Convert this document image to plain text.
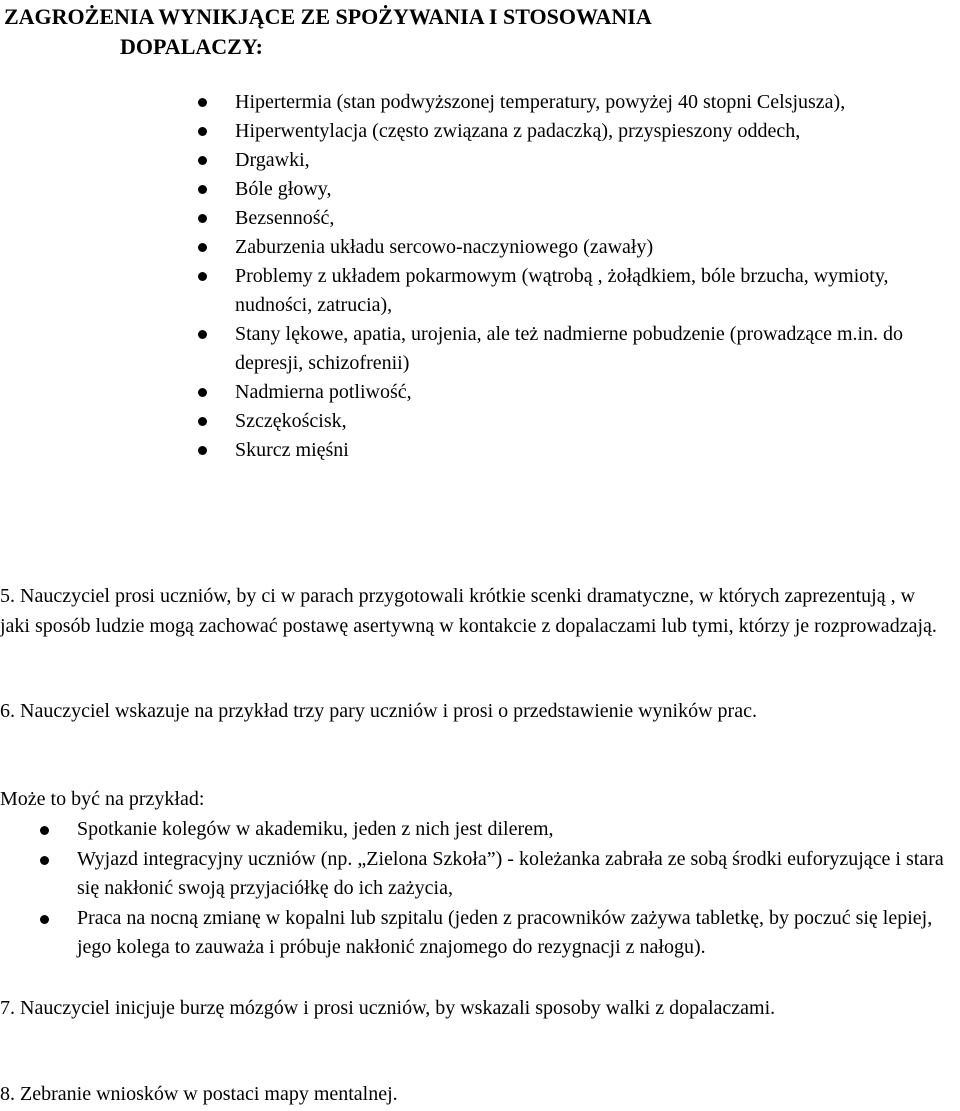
ZAGROŻENIA WYNIKJĄCE ZE SPOŻYWANIA I STOSOWANIA
DOPALACZY:
Hipertermia (stan podwyższonej temperatury, powyżej 40 stopni Celsjusza),
Hiperwentylacja (często związana z padaczką), przyspieszony oddech,
Drgawki,
Bóle głowy,
Bezsenność,
Zaburzenia układu sercowo-naczyniowego (zawały)
Problemy z układem pokarmowym (wątrobą , żołądkiem, bóle brzucha, wymioty, nudności, zatrucia),
Stany lękowe, apatia, urojenia, ale też nadmierne pobudzenie (prowadzące m.in. do depresji, schizofrenii)
Nadmierna potliwość,
Szczękościsk,
Skurcz mięśni

5. Nauczyciel prosi uczniów, by ci w parach przygotowali krótkie scenki dramatyczne, w których zaprezentują , w jaki sposób ludzie mogą zachować postawę asertywną w kontakcie z dopalaczami lub tymi, którzy je rozprowadzają.

6. Nauczyciel wskazuje na przykład trzy pary uczniów i prosi o przedstawienie wyników prac.

Może to być na przykład:

Spotkanie kolegów w akademiku, jeden z nich jest dilerem,
Wyjazd integracyjny uczniów (np. „Zielona Szkoła”) - koleżanka zabrała ze sobą środki euforyzujące i stara się nakłonić swoją przyjaciółkę do ich zażycia,
Praca na nocną zmianę w kopalni lub szpitalu (jeden z pracowników zażywa tabletkę, by poczuć się lepiej, jego kolega to zauważa i próbuje nakłonić znajomego do rezygnacji z nałogu).

7. Nauczyciel inicjuje burzę mózgów i prosi uczniów, by wskazali sposoby walki z dopalaczami.

8. Zebranie wniosków w postaci mapy mentalnej.
